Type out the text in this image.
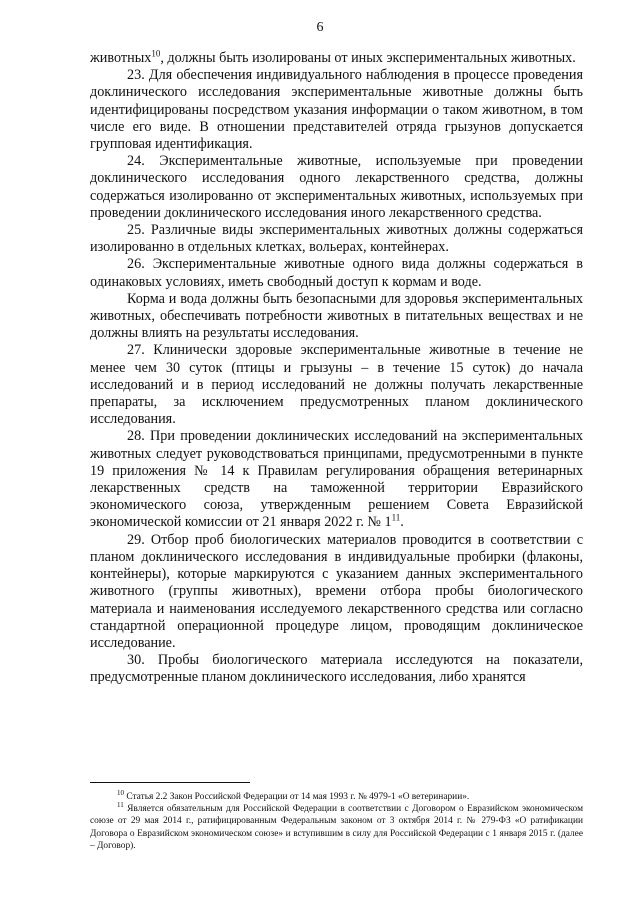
6

животных$^{10}$, должны быть изолированы от иных экспериментальных животных.

23. Для обеспечения индивидуального наблюдения в процессе проведения доклинического исследования экспериментальные животные должны быть идентифицированы посредством указания информации о таком животном, в том числе его виде. В отношении представителей отряда грызунов допускается групповая идентификация.

24. Экспериментальные животные, используемые при проведении доклинического исследования одного лекарственного средства, должны содержаться изолированно от экспериментальных животных, используемых при проведении доклинического исследования иного лекарственного средства.

25. Различные виды экспериментальных животных должны содержаться изолированно в отдельных клетках, вольерах, контейнерах.

26. Экспериментальные животные одного вида должны содержаться в одинаковых условиях, иметь свободный доступ к кормам и воде.

Корма и вода должны быть безопасными для здоровья экспериментальных животных, обеспечивать потребности животных в питательных веществах и не должны влиять на результаты исследования.

27. Клинически здоровые экспериментальные животные в течение не менее чем 30 суток (птицы и грызуны – в течение 15 суток) до начала исследований и в период исследований не должны получать лекарственные препараты, за исключением предусмотренных планом доклинического исследования.

28. При проведении доклинических исследований на экспериментальных животных следует руководствоваться принципами, предусмотренными в пункте 19 приложения № 14 к Правилам регулирования обращения ветеринарных лекарственных средств на таможенной территории Евразийского экономического союза, утвержденным решением Совета Евразийской экономической комиссии от 21 января 2022 г. № $1^{11}$.

29. Отбор проб биологических материалов проводится в соответствии с планом доклинического исследования в индивидуальные пробирки (флаконы, контейнеры), которые маркируются с указанием данных экспериментального животного (группы животных), времени отбора пробы биологического материала и наименования исследуемого лекарственного средства или согласно стандартной операционной процедуре лицом, проводящим доклиническое исследование.

30. Пробы биологического материала исследуются на показатели, предусмотренные планом доклинического исследования, либо хранятся

$^{10}$ Статья 2.2 Закон Российской Федерации от 14 мая 1993 г. № 4979-1 «О ветеринарии».

$^{11}$ Является обязательным для Российской Федерации в соответствии с Договором о Евразийском экономическом союзе от 29 мая 2014 г., ратифицированным Федеральным законом от 3 октября 2014 г. № 279-ФЗ «О ратификации Договора о Евразийском экономическом союзе» и вступившим в силу для Российской Федерации с 1 января 2015 г. (далее – Договор).
